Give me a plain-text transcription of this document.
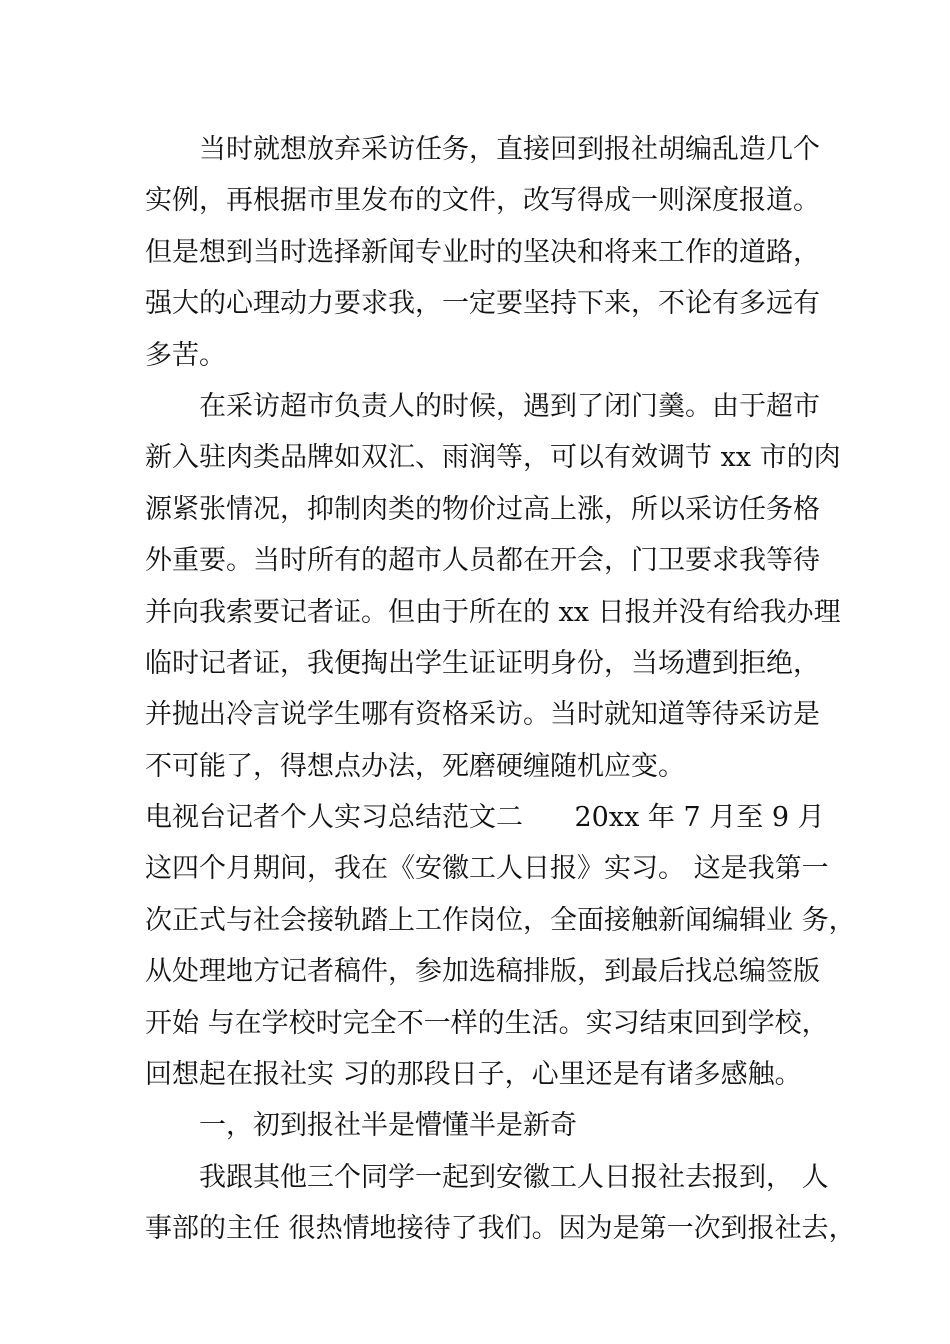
当时就想放弃采访任务，直接回到报社胡编乱造几个
实例，再根据市里发布的文件，改写得成一则深度报道。
但是想到当时选择新闻专业时的坚决和将来工作的道路，
强大的心理动力要求我，一定要坚持下来，不论有多远有
多苦。
在采访超市负责人的时候，遇到了闭门羹。由于超市
新入驻肉类品牌如双汇、雨润等，可以有效调节 xx 市的肉
源紧张情况，抑制肉类的物价过高上涨，所以采访任务格
外重要。当时所有的超市人员都在开会，门卫要求我等待
并向我索要记者证。但由于所在的 xx 日报并没有给我办理
临时记者证，我便掏出学生证证明身份，当场遭到拒绝，
并抛出冷言说学生哪有资格采访。当时就知道等待采访是
不可能了，得想点办法，死磨硬缠随机应变。
电视台记者个人实习总结范文二      20xx 年 7 月至 9 月
这四个月期间，我在《安徽工人日报》实习。 这是我第一
次正式与社会接轨踏上工作岗位，全面接触新闻编辑业 务，
从处理地方记者稿件，参加选稿排版，到最后找总编签版
开始 与在学校时完全不一样的生活。实习结束回到学校，
回想起在报社实 习的那段日子，心里还是有诸多感触。
一，初到报社半是懵懂半是新奇
我跟其他三个同学一起到安徽工人日报社去报到， 人
事部的主任 很热情地接待了我们。因为是第一次到报社去，
